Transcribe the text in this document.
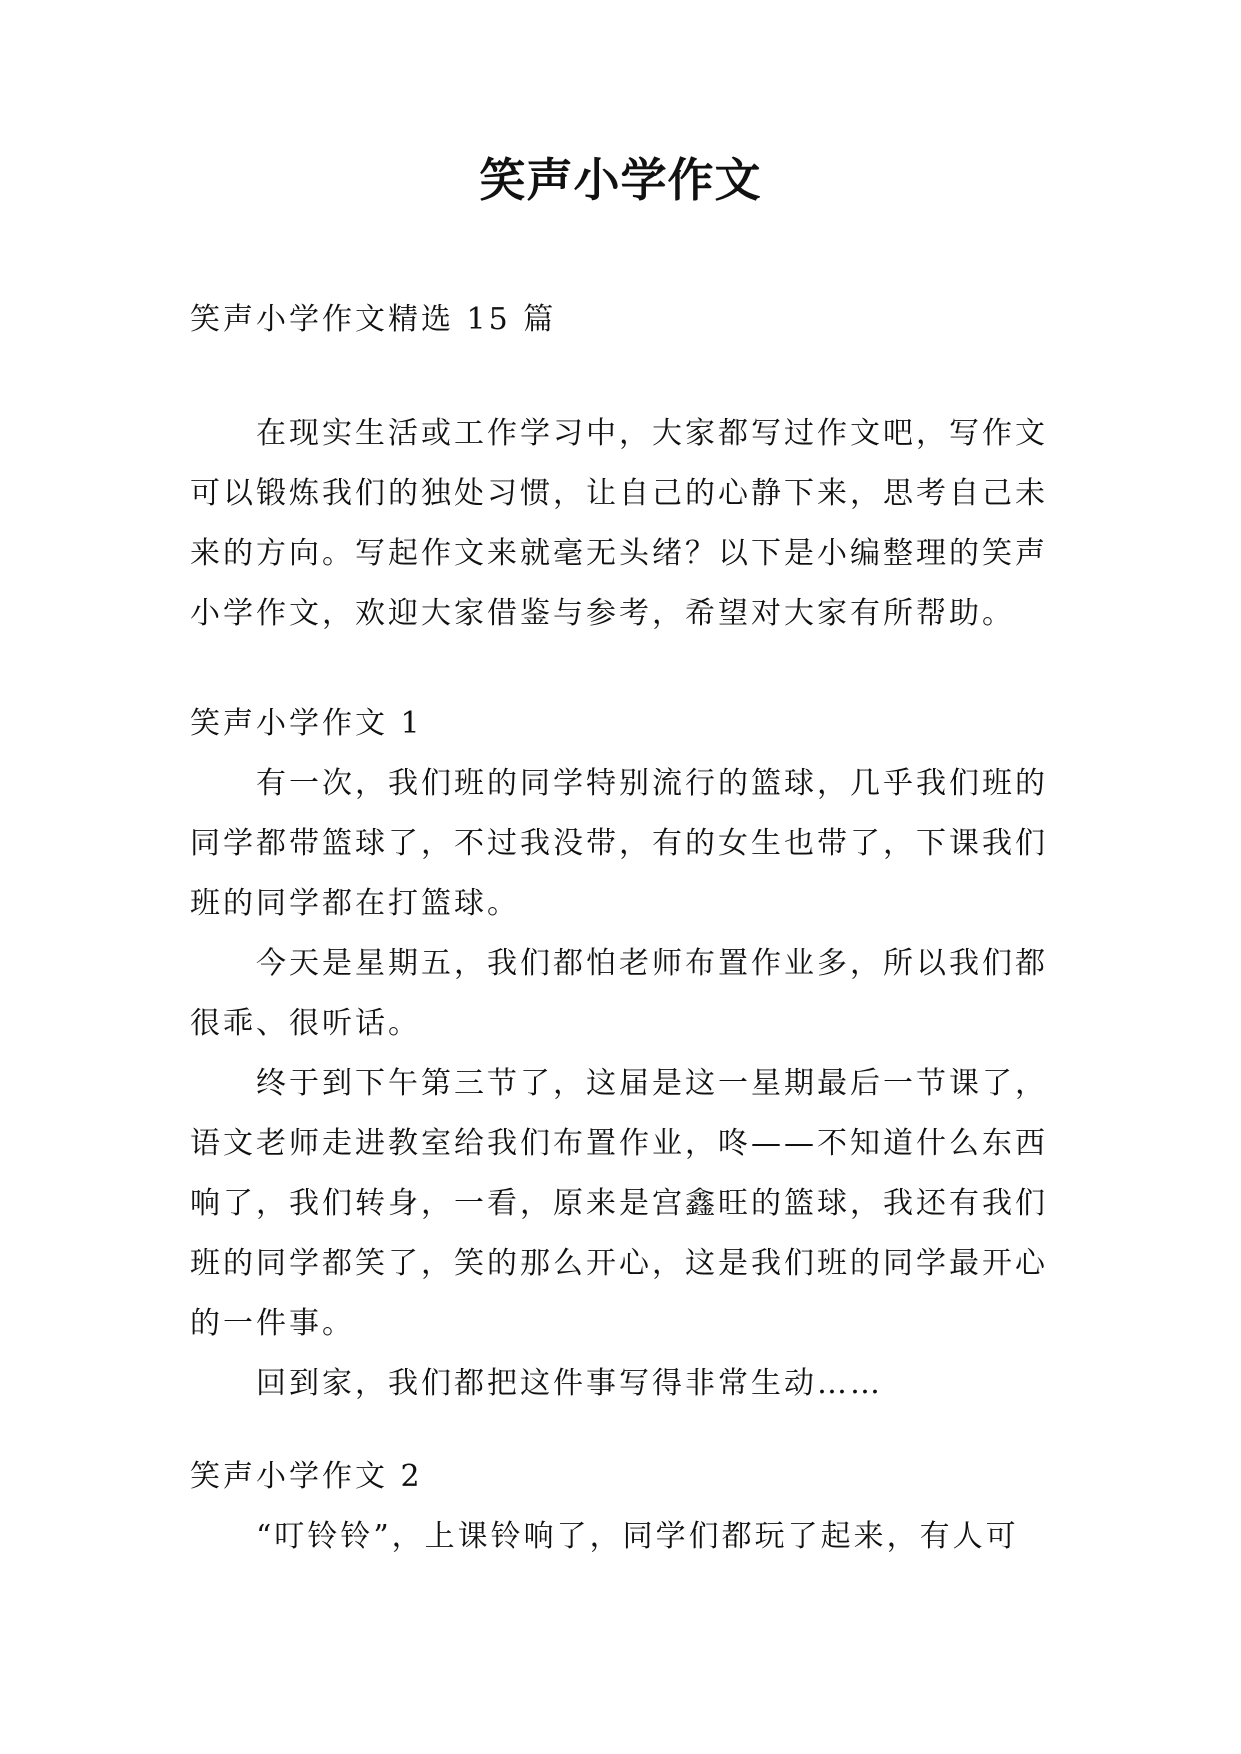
笑声小学作文
笑声小学作文精选 15 篇
在现实生活或工作学习中，大家都写过作文吧，写作文可以锻炼我们的独处习惯，让自己的心静下来，思考自己未来的方向。写起作文来就毫无头绪？以下是小编整理的笑声小学作文，欢迎大家借鉴与参考，希望对大家有所帮助。

笑声小学作文 1

有一次，我们班的同学特别流行的篮球，几乎我们班的同学都带篮球了，不过我没带，有的女生也带了，下课我们班的同学都在打篮球。

今天是星期五，我们都怕老师布置作业多，所以我们都很乖、很听话。

终于到下午第三节了，这届是这一星期最后一节课了，语文老师走进教室给我们布置作业，咚——不知道什么东西响了，我们转身，一看，原来是宫鑫旺的篮球，我还有我们班的同学都笑了，笑的那么开心，这是我们班的同学最开心的一件事。

回到家，我们都把这件事写得非常生动……

笑声小学作文 2

“叮铃铃”，上课铃响了，同学们都玩了起来，有人可
